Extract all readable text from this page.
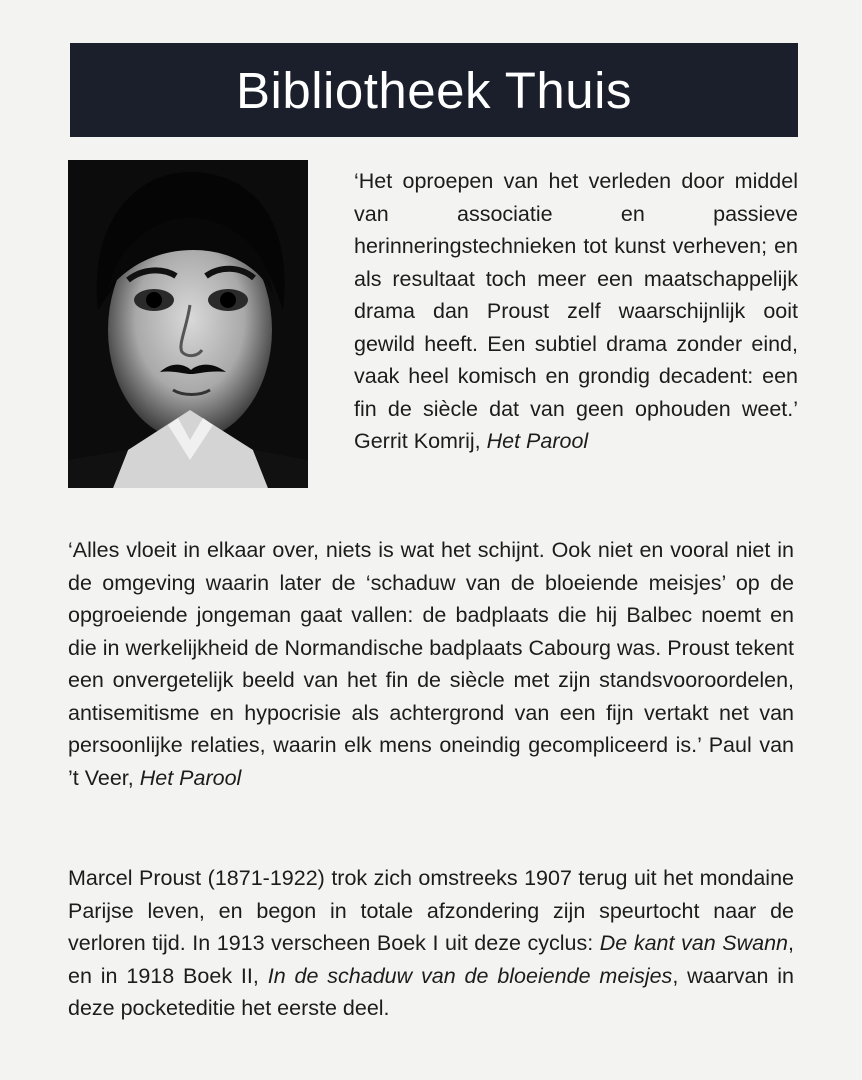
Bibliotheek Thuis

‘Het oproepen van het verleden door middel van associatie en passieve herinneringstechnieken tot kunst verheven; en als resultaat toch meer een maatschappelijk drama dan Proust zelf waarschijnlijk ooit gewild heeft. Een subtiel drama zonder eind, vaak heel komisch en grondig decadent: een fin de siècle dat van geen ophouden weet.’ Gerrit Komrij, Het Parool

‘Alles vloeit in elkaar over, niets is wat het schijnt. Ook niet en vooral niet in de omgeving waarin later de ‘schaduw van de bloeiende meisjes’ op de opgroeiende jongeman gaat vallen: de badplaats die hij Balbec noemt en die in werkelijkheid de Normandische badplaats Cabourg was. Proust tekent een onvergetelijk beeld van het fin de siècle met zijn standsvooroordelen, antisemitisme en hypocrisie als achtergrond van een fijn vertakt net van persoonlijke relaties, waarin elk mens oneindig gecompliceerd is.’ Paul van ’t Veer, Het Parool

Marcel Proust (1871-1922) trok zich omstreeks 1907 terug uit het mondaine Parijse leven, en begon in totale afzondering zijn speurtocht naar de verloren tijd. In 1913 verscheen Boek I uit deze cyclus: De kant van Swann, en in 1918 Boek II, In de schaduw van de bloeiende meisjes, waarvan in deze pocketeditie het eerste deel.
